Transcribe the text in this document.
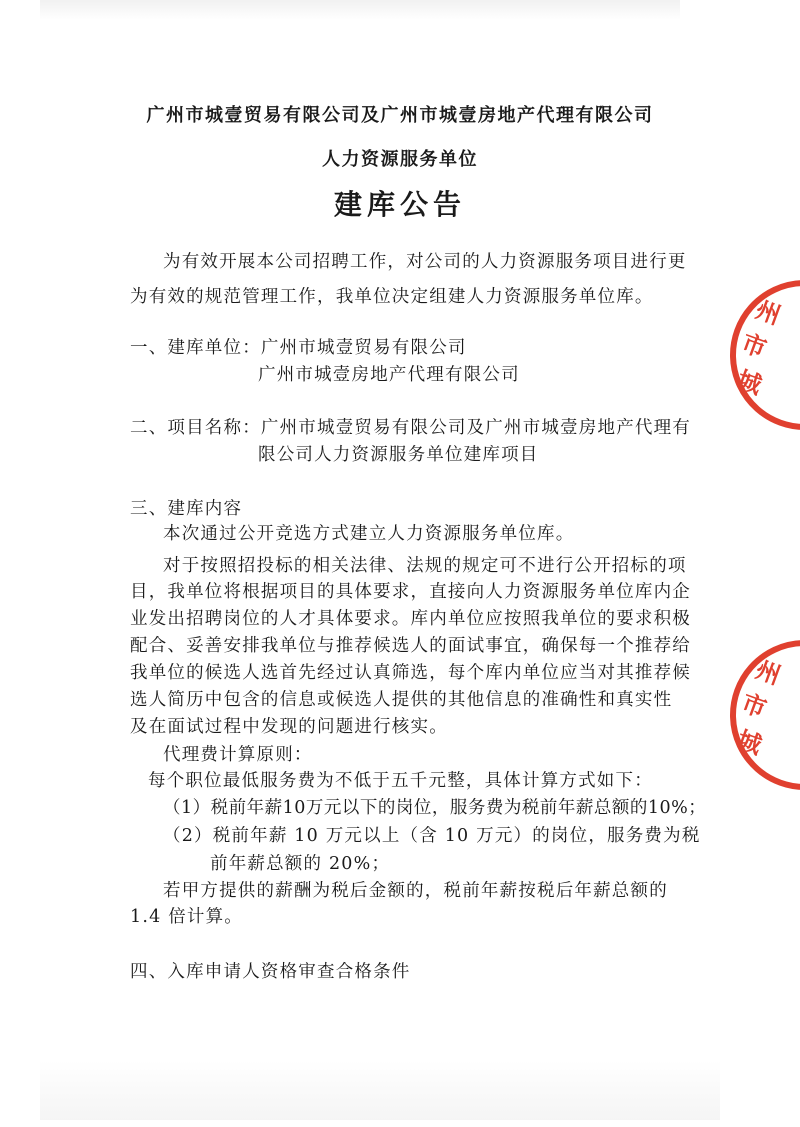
广州市城壹贸易有限公司及广州市城壹房地产代理有限公司
人力资源服务单位
建库公告
为有效开展本公司招聘工作，对公司的人力资源服务项目进行更
为有效的规范管理工作，我单位决定组建人力资源服务单位库。
一、建库单位：广州市城壹贸易有限公司
广州市城壹房地产代理有限公司
二、项目名称：广州市城壹贸易有限公司及广州市城壹房地产代理有
限公司人力资源服务单位建库项目
三、建库内容
本次通过公开竞选方式建立人力资源服务单位库。
对于按照招投标的相关法律、法规的规定可不进行公开招标的项
目，我单位将根据项目的具体要求，直接向人力资源服务单位库内企
业发出招聘岗位的人才具体要求。库内单位应按照我单位的要求积极
配合、妥善安排我单位与推荐候选人的面试事宜，确保每一个推荐给
我单位的候选人选首先经过认真筛选，每个库内单位应当对其推荐候
选人简历中包含的信息或候选人提供的其他信息的准确性和真实性
及在面试过程中发现的问题进行核实。
代理费计算原则：
每个职位最低服务费为不低于五千元整，具体计算方式如下：
（1）税前年薪10万元以下的岗位，服务费为税前年薪总额的10%；
（2）税前年薪 10 万元以上（含 10 万元）的岗位，服务费为税
前年薪总额的 20%；
若甲方提供的薪酬为税后金额的，税前年薪按税后年薪总额的
1.4 倍计算。
四、入库申请人资格审查合格条件
州
市
城
州
市
城
